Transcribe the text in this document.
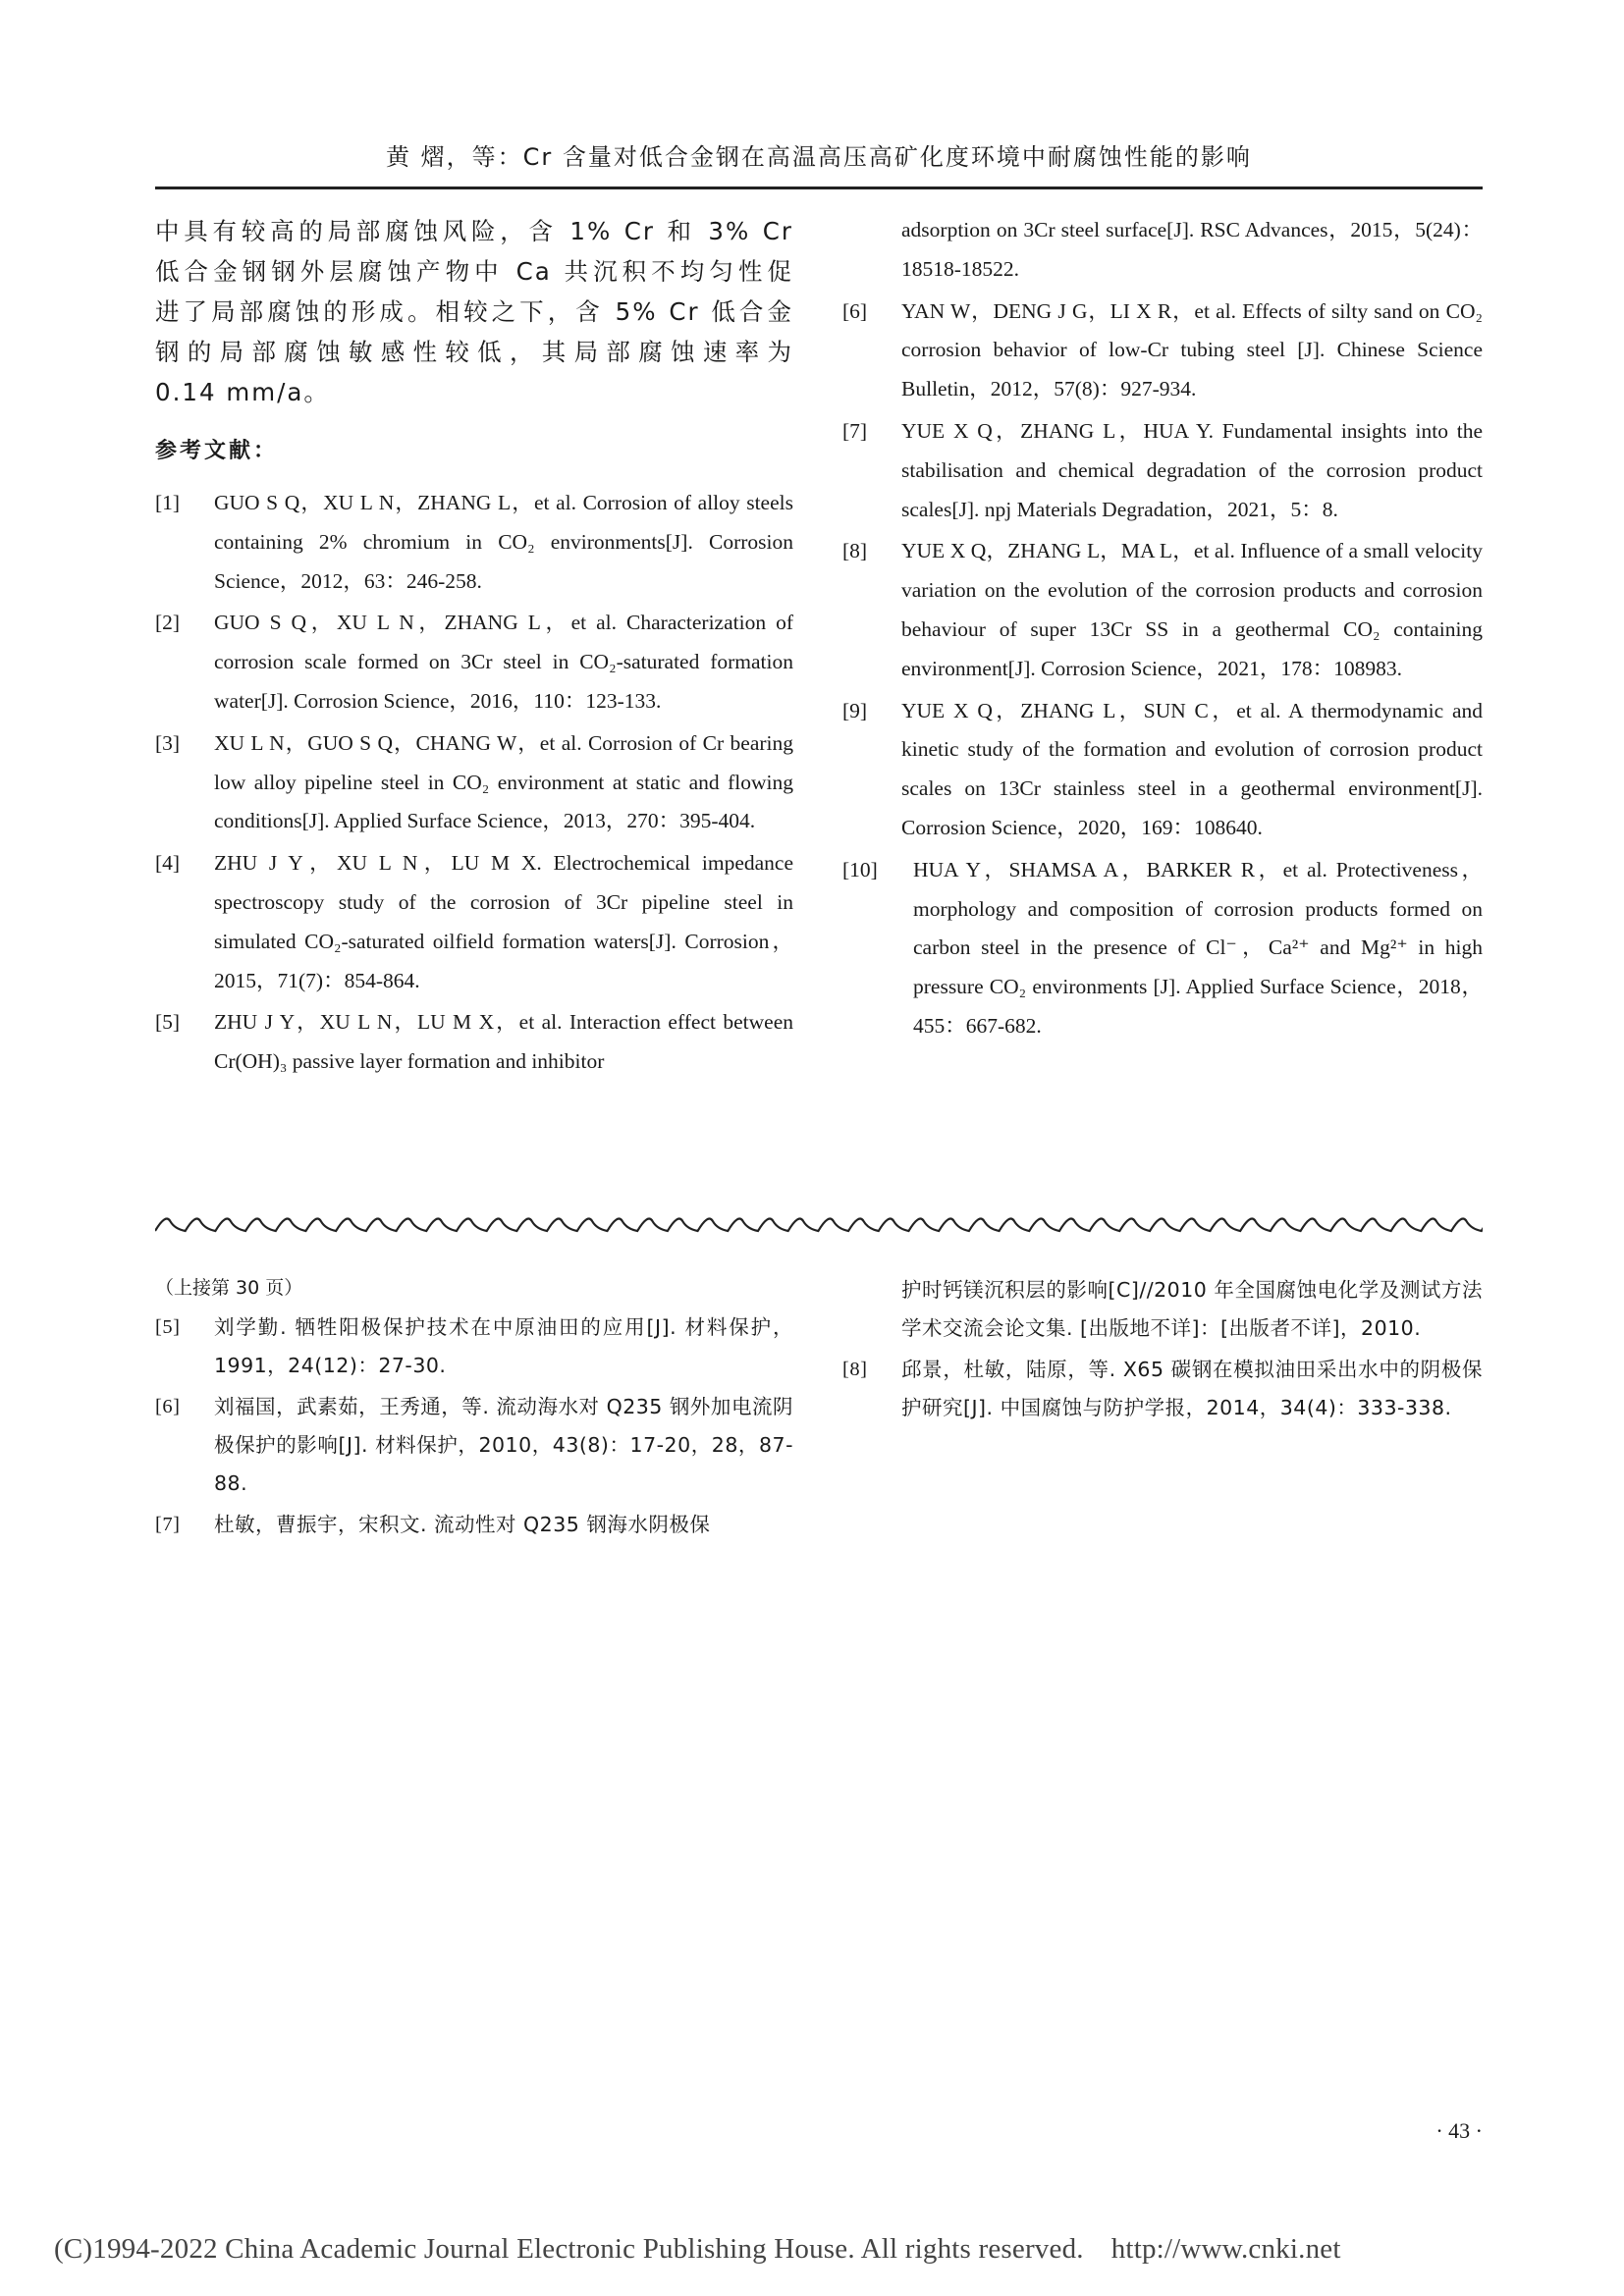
黄 熠，等：Cr 含量对低合金钢在高温高压高矿化度环境中耐腐蚀性能的影响

中具有较高的局部腐蚀风险，含 1% Cr 和 3% Cr

低合金钢钢外层腐蚀产物中 Ca 共沉积不均匀性促

进了局部腐蚀的形成。相较之下，含 5% Cr 低合金

钢的局部腐蚀敏感性较低，其局部腐蚀速率为

0.14 mm/a。

参考文献：
[1] GUO S Q，XU L N，ZHANG L，et al. Corrosion of alloy steels containing 2% chromium in CO₂ environments[J]. Corrosion Science，2012，63：246-258.
[2] GUO S Q，XU L N，ZHANG L，et al. Characterization of corrosion scale formed on 3Cr steel in CO₂-saturated formation water[J]. Corrosion Science，2016，110：123-133.
[3] XU L N，GUO S Q，CHANG W，et al. Corrosion of Cr bearing low alloy pipeline steel in CO₂ environment at static and flowing conditions[J]. Applied Surface Science，2013，270：395-404.
[4] ZHU J Y，XU L N，LU M X. Electrochemical impedance spectroscopy study of the corrosion of 3Cr pipeline steel in simulated CO₂-saturated oilfield formation waters[J]. Corrosion，2015，71(7)：854-864.
[5] ZHU J Y，XU L N，LU M X，et al. Interaction effect between Cr(OH)₃ passive layer formation and inhibitor
adsorption on 3Cr steel surface[J]. RSC Advances，2015，5(24)：18518-18522.
[6] YAN W，DENG J G，LI X R，et al. Effects of silty sand on CO₂ corrosion behavior of low-Cr tubing steel [J]. Chinese Science Bulletin，2012，57(8)：927-934.
[7] YUE X Q，ZHANG L，HUA Y. Fundamental insights into the stabilisation and chemical degradation of the corrosion product scales[J]. npj Materials Degradation，2021，5：8.
[8] YUE X Q，ZHANG L，MA L，et al. Influence of a small velocity variation on the evolution of the corrosion products and corrosion behaviour of super 13Cr SS in a geothermal CO₂ containing environment[J]. Corrosion Science，2021，178：108983.
[9] YUE X Q，ZHANG L，SUN C，et al. A thermodynamic and kinetic study of the formation and evolution of corrosion product scales on 13Cr stainless steel in a geothermal environment[J]. Corrosion Science，2020，169：108640.
[10] HUA Y，SHAMSA A，BARKER R，et al. Protectiveness，morphology and composition of corrosion products formed on carbon steel in the presence of Cl⁻，Ca²⁺ and Mg²⁺ in high pressure CO₂ environments [J]. Applied Surface Science，2018，455：667-682.
（上接第 30 页）
[5] 刘学勤. 牺牲阳极保护技术在中原油田的应用[J]. 材料保护，1991，24(12)：27-30.
[6] 刘福国，武素茹，王秀通，等. 流动海水对 Q235 钢外加电流阴极保护的影响[J]. 材料保护，2010，43(8)：17-20，28，87-88.
[7] 杜敏，曹振宇，宋积文. 流动性对 Q235 钢海水阴极保
护时钙镁沉积层的影响[C]//2010 年全国腐蚀电化学及测试方法学术交流会论文集. [出版地不详]：[出版者不详]，2010.
[8] 邱景，杜敏，陆原，等. X65 碳钢在模拟油田采出水中的阴极保护研究[J]. 中国腐蚀与防护学报，2014，34(4)：333-338.
· 43 ·
(C)1994-2022 China Academic Journal Electronic Publishing House. All rights reserved. http://www.cnki.net
